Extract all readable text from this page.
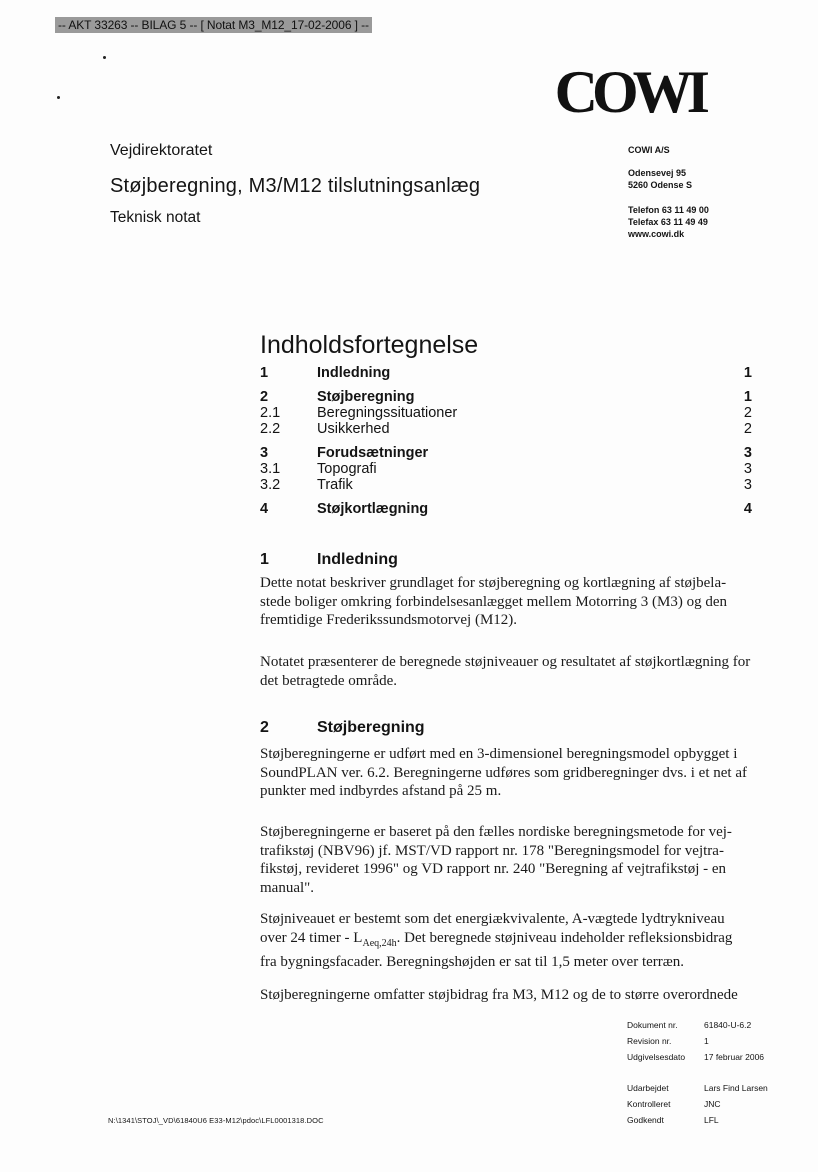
-- AKT 33263 -- BILAG 5 -- [ Notat M3_M12_17-02-2006 ] --
COWI
Vejdirektoratet
Støjberegning, M3/M12 tilslutningsanlæg
Teknisk notat
COWI A/S
Odensevej 95
5260 Odense S
Telefon 63 11 49 00
Telefax 63 11 49 49
www.cowi.dk
Indholdsfortegnelse
1	Indledning	1
2	Støjberegning	1
2.1	Beregningssituationer	2
2.2	Usikkerhed	2
3	Forudsætninger	3
3.1	Topografi	3
3.2	Trafik	3
4	Støjkortlægning	4
1	Indledning
Dette notat beskriver grundlaget for støjberegning og kortlægning af støjbela-stede boliger omkring forbindelsesanlægget mellem Motorring 3 (M3) og den fremtidige Frederikssundsmotorvej (M12).
Notatet præsenterer de beregnede støjniveauer og resultatet af støjkortlægning for det betragtede område.
2	Støjberegning
Støjberegningerne er udført med en 3-dimensionel beregningsmodel opbygget i SoundPLAN ver. 6.2. Beregningerne udføres som gridberegninger dvs. i et net af punkter med indbyrdes afstand på 25 m.
Støjberegningerne er baseret på den fælles nordiske beregningsmetode for vej-trafikstøj (NBV96) jf. MST/VD rapport nr. 178 "Beregningsmodel for vejtra-fikstøj, revideret 1996" og VD rapport nr. 240 "Beregning af vejtrafikstøj - en manual".
Støjniveauet er bestemt som det energiækvivalente, A-vægtede lydtrykniveau over 24 timer - $L_{Aeq,24h}$. Det beregnede støjniveau indeholder refleksionsbidrag fra bygningsfacader. Beregningshøjden er sat til 1,5 meter over terræn.
Støjberegningerne omfatter støjbidrag fra M3, M12 og de to større overordnede
Dokument nr.	61840-U-6.2
Revision nr.	1
Udgivelsesdato	17 februar 2006
Udarbejdet	Lars Find Larsen
Kontrolleret	JNC
Godkendt	LFL
N:\1341\STOJ\_VD\61840U6 E33-M12\pdoc\LFL0001318.DOC
